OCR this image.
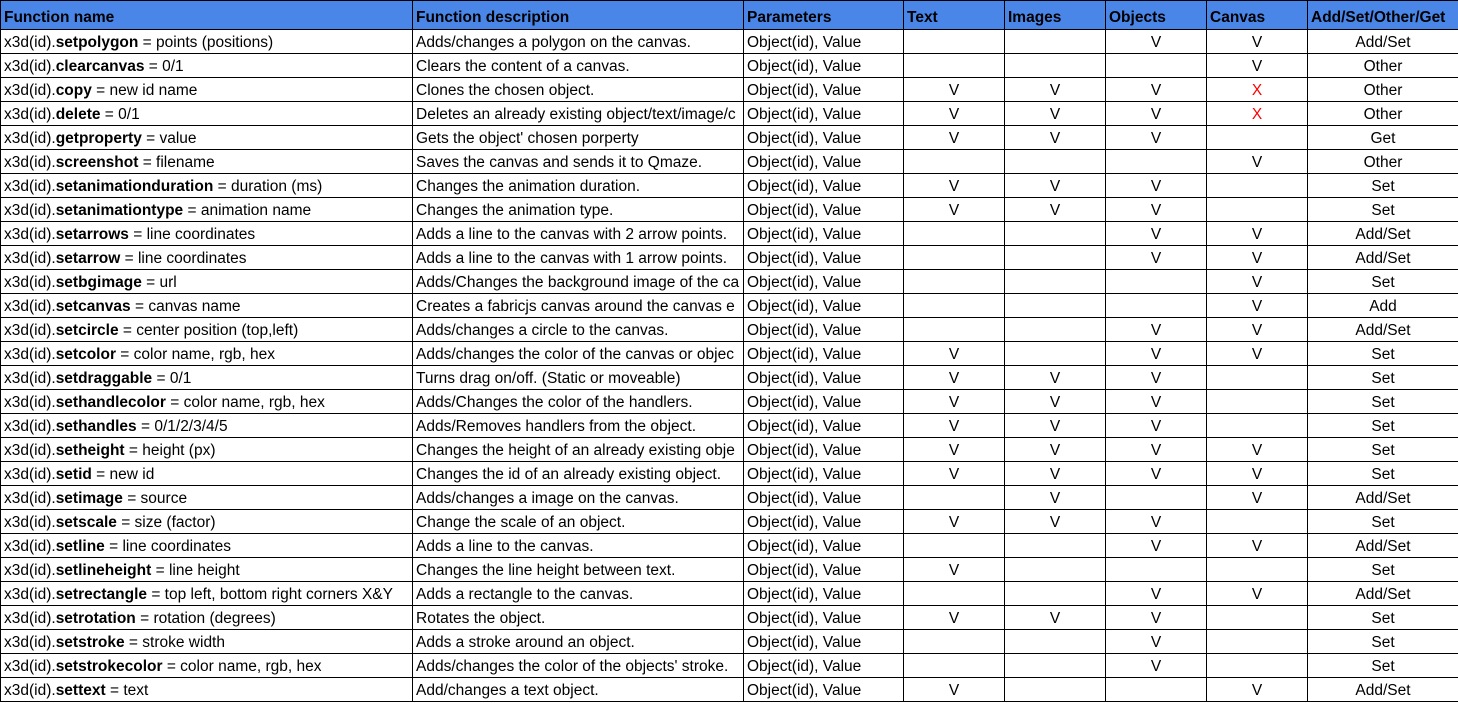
Function name	Function description	Parameters	Text	Images	Objects	Canvas	Add/Set/Other/Get
x3d(id).setpolygon = points (positions)	Adds/changes a polygon on the canvas.	Object(id), Value			V	V	Add/Set
x3d(id).clearcanvas = 0/1	Clears the content of a canvas.	Object(id), Value				V	Other
x3d(id).copy = new id name	Clones the chosen object.	Object(id), Value	V	V	V	X	Other
x3d(id).delete = 0/1	Deletes an already existing object/text/image/c	Object(id), Value	V	V	V	X	Other
x3d(id).getproperty = value	Gets the object' chosen porperty	Object(id), Value	V	V	V		Get
x3d(id).screenshot = filename	Saves the canvas and sends it to Qmaze.	Object(id), Value				V	Other
x3d(id).setanimationduration = duration (ms)	Changes the animation duration.	Object(id), Value	V	V	V		Set
x3d(id).setanimationtype = animation name	Changes the animation type.	Object(id), Value	V	V	V		Set
x3d(id).setarrows = line coordinates	Adds a line to the canvas with 2 arrow points.	Object(id), Value			V	V	Add/Set
x3d(id).setarrow = line coordinates	Adds a line to the canvas with 1 arrow points.	Object(id), Value			V	V	Add/Set
x3d(id).setbgimage = url	Adds/Changes the background image of the ca	Object(id), Value				V	Set
x3d(id).setcanvas = canvas name	Creates a fabricjs canvas around the canvas e	Object(id), Value				V	Add
x3d(id).setcircle = center position (top,left)	Adds/changes a circle to the canvas.	Object(id), Value			V	V	Add/Set
x3d(id).setcolor = color name, rgb, hex	Adds/changes the color of the canvas or objec	Object(id), Value	V		V	V	Set
x3d(id).setdraggable = 0/1	Turns drag on/off. (Static or moveable)	Object(id), Value	V	V	V		Set
x3d(id).sethandlecolor = color name, rgb, hex	Adds/Changes the color of the handlers.	Object(id), Value	V	V	V		Set
x3d(id).sethandles = 0/1/2/3/4/5	Adds/Removes handlers from the object.	Object(id), Value	V	V	V		Set
x3d(id).setheight = height (px)	Changes the height of an already existing obje	Object(id), Value	V	V	V	V	Set
x3d(id).setid = new id	Changes the id of an already existing object.	Object(id), Value	V	V	V	V	Set
x3d(id).setimage = source	Adds/changes a image on the canvas.	Object(id), Value		V		V	Add/Set
x3d(id).setscale = size (factor)	Change the scale of an object.	Object(id), Value	V	V	V		Set
x3d(id).setline = line coordinates	Adds a line to the canvas.	Object(id), Value			V	V	Add/Set
x3d(id).setlineheight = line height	Changes the line height between text.	Object(id), Value	V				Set
x3d(id).setrectangle = top left, bottom right corners X&Y	Adds a rectangle to the canvas.	Object(id), Value			V	V	Add/Set
x3d(id).setrotation = rotation (degrees)	Rotates the object.	Object(id), Value	V	V	V		Set
x3d(id).setstroke = stroke width	Adds a stroke around an object.	Object(id), Value			V		Set
x3d(id).setstrokecolor = color name, rgb, hex	Adds/changes the color of the objects' stroke.	Object(id), Value			V		Set
x3d(id).settext = text	Add/changes a text object.	Object(id), Value	V			V	Add/Set
